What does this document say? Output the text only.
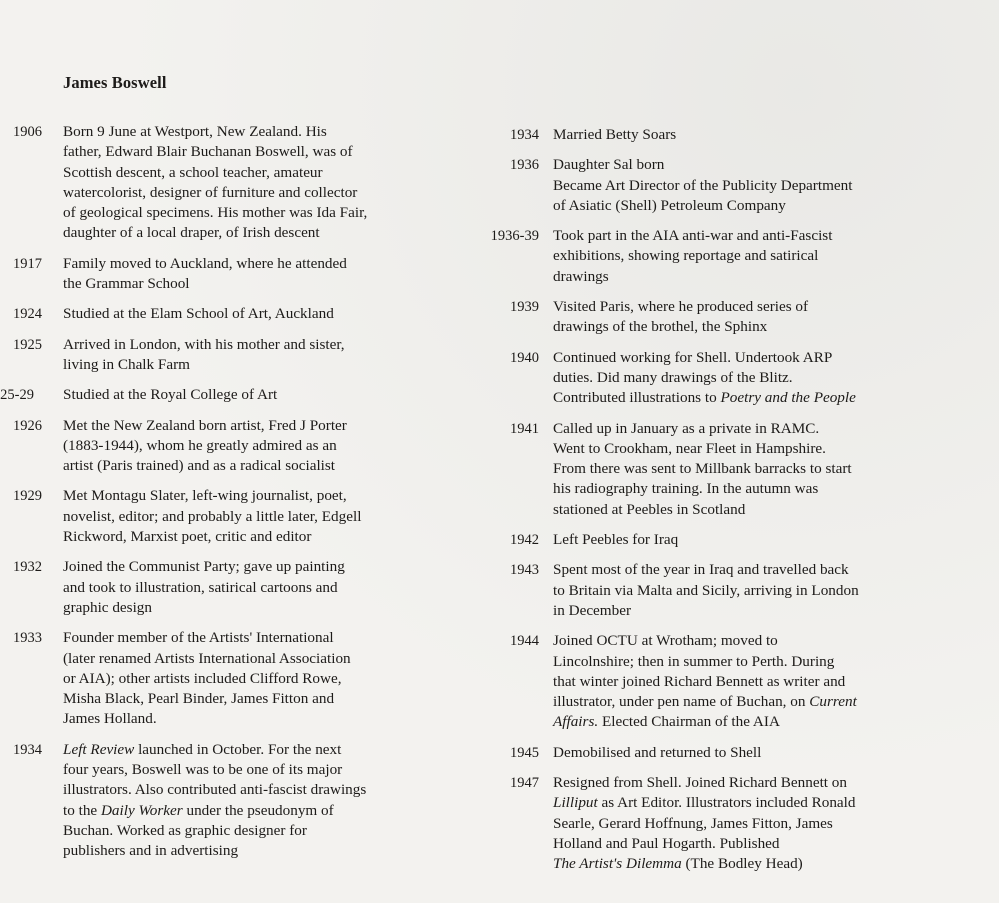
James Boswell
1906 Born 9 June at Westport, New Zealand. His
father, Edward Blair Buchanan Boswell, was of
Scottish descent, a school teacher, amateur
watercolorist, designer of furniture and collector
of geological specimens. His mother was Ida Fair,
daughter of a local draper, of Irish descent
1917 Family moved to Auckland, where he attended
the Grammar School
1924 Studied at the Elam School of Art, Auckland
1925 Arrived in London, with his mother and sister,
living in Chalk Farm
25-29 Studied at the Royal College of Art
1926 Met the New Zealand born artist, Fred J Porter
(1883-1944), whom he greatly admired as an
artist (Paris trained) and as a radical socialist
1929 Met Montagu Slater, left-wing journalist, poet,
novelist, editor; and probably a little later, Edgell
Rickword, Marxist poet, critic and editor
1932 Joined the Communist Party; gave up painting
and took to illustration, satirical cartoons and
graphic design
1933 Founder member of the Artists' International
(later renamed Artists International Association
or AIA); other artists included Clifford Rowe,
Misha Black, Pearl Binder, James Fitton and
James Holland.
1934 Left Review launched in October. For the next
four years, Boswell was to be one of its major
illustrators. Also contributed anti-fascist drawings
to the Daily Worker under the pseudonym of
Buchan. Worked as graphic designer for
publishers and in advertising
1934 Married Betty Soars
1936 Daughter Sal born
Became Art Director of the Publicity Department
of Asiatic (Shell) Petroleum Company
1936-39 Took part in the AIA anti-war and anti-Fascist
exhibitions, showing reportage and satirical
drawings
1939 Visited Paris, where he produced series of
drawings of the brothel, the Sphinx
1940 Continued working for Shell. Undertook ARP
duties. Did many drawings of the Blitz.
Contributed illustrations to Poetry and the People
1941 Called up in January as a private in RAMC.
Went to Crookham, near Fleet in Hampshire.
From there was sent to Millbank barracks to start
his radiography training. In the autumn was
stationed at Peebles in Scotland
1942 Left Peebles for Iraq
1943 Spent most of the year in Iraq and travelled back
to Britain via Malta and Sicily, arriving in London
in December
1944 Joined OCTU at Wrotham; moved to
Lincolnshire; then in summer to Perth. During
that winter joined Richard Bennett as writer and
illustrator, under pen name of Buchan, on Current
Affairs. Elected Chairman of the AIA
1945 Demobilised and returned to Shell
1947 Resigned from Shell. Joined Richard Bennett on
Lilliput as Art Editor. Illustrators included Ronald
Searle, Gerard Hoffnung, James Fitton, James
Holland and Paul Hogarth. Published
The Artist's Dilemma (The Bodley Head)
